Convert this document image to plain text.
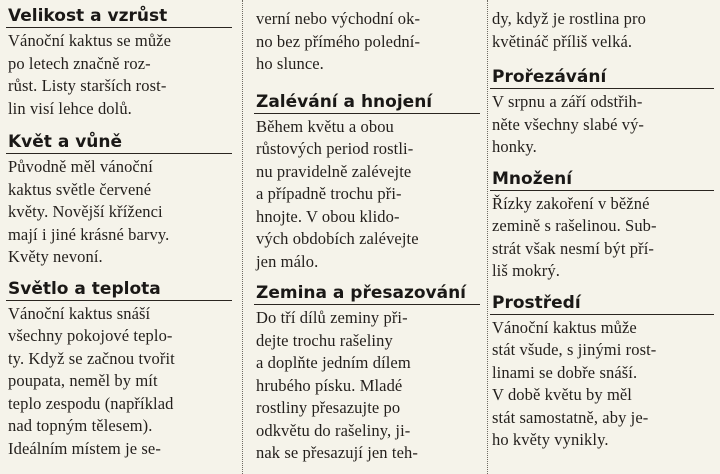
Velikost a vzrůst
Vánoční kaktus se může
po letech značně roz-
růst. Listy starších rost-
lin visí lehce dolů.
Květ a vůně
Původně měl vánoční
kaktus světle červené
květy. Novější kříženci
mají i jiné krásné barvy.
Květy nevoní.
Světlo a teplota
Vánoční kaktus snáší
všechny pokojové teplo-
ty. Když se začnou tvořit
poupata, neměl by mít
teplo zespodu (například
nad topným tělesem).
Ideálním místem je se-
verní nebo východní ok-
no bez přímého polední-
ho slunce.
Zalévání a hnojení
Během květu a obou
růstových period rostli-
nu pravidelně zalévejte
a případně trochu při-
hnojte. V obou klido-
vých obdobích zalévejte
jen málo.
Zemina a přesazování
Do tří dílů zeminy při-
dejte trochu rašeliny
a doplňte jedním dílem
hrubého písku. Mladé
rostliny přesazujte po
odkvětu do rašeliny, ji-
nak se přesazují jen teh-
dy, když je rostlina pro
květináč příliš velká.
Prořezávání
V srpnu a září odstřih-
něte všechny slabé vý-
honky.
Množení
Řízky zakoření v běžné
zemině s rašelinou. Sub-
strát však nesmí být pří-
liš mokrý.
Prostředí
Vánoční kaktus může
stát všude, s jinými rost-
linami se dobře snáší.
V době květu by měl
stát samostatně, aby je-
ho květy vynikly.
